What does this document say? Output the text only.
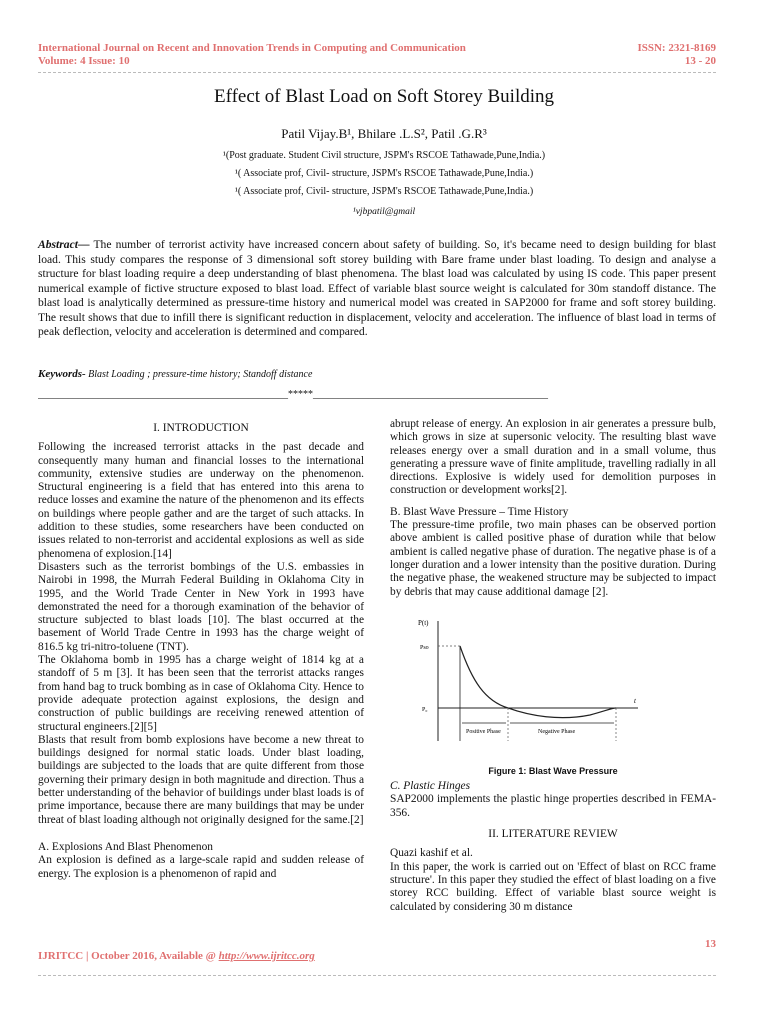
International Journal on Recent and Innovation Trends in Computing and Communication
Volume: 4 Issue: 10
ISSN: 2321-8169
13 - 20
Effect of Blast Load on Soft Storey Building
Patil Vijay.B¹, Bhilare .L.S², Patil .G.R³
¹(Post graduate. Student Civil structure, JSPM's RSCOE Tathawade,Pune,India.)
¹( Associate prof, Civil- structure, JSPM's RSCOE Tathawade,Pune,India.)
¹( Associate prof, Civil- structure, JSPM's RSCOE Tathawade,Pune,India.)
¹vjbpatil@gmail
Abstract— The number of terrorist activity have increased concern about safety of building. So, it's became need to design building for blast load. This study compares the response of 3 dimensional soft storey building with Bare frame under blast loading. To design and analyse a structure for blast loading require a deep understanding of blast phenomena. The blast load was calculated by using IS code. This paper present numerical example of fictive structure exposed to blast load. Effect of variable blast source weight is calculated for 30m standoff distance. The blast load is analytically determined as pressure-time history and numerical model was created in SAP2000 for frame and soft storey building. The result shows that due to infill there is significant reduction in displacement, velocity and acceleration. The influence of blast load in terms of peak deflection, velocity and acceleration is determined and compared.
Keywords- Blast Loading ; pressure-time history; Standoff distance
__________________________________________________*****_______________________________________________

I. INTRODUCTION

Following the increased terrorist attacks in the past decade and consequently many human and financial losses to the international community, extensive studies are underway on the phenomenon. Structural engineering is a field that has entered into this arena to reduce losses and examine the nature of the phenomenon and its effects on buildings where people gather and are the target of such attacks. In addition to these studies, some researchers have been conducted on issues related to non-terrorist and accidental explosions as well as side phenomena of explosion.[14]

Disasters such as the terrorist bombings of the U.S. embassies in Nairobi in 1998, the Murrah Federal Building in Oklahoma City in 1995, and the World Trade Center in New York in 1993 have demonstrated the need for a thorough examination of the behavior of structure subjected to blast loads [10]. The blast occurred at the basement of World Trade Centre in 1993 has the charge weight of 816.5 kg tri-nitro-toluene (TNT).

The Oklahoma bomb in 1995 has a charge weight of 1814 kg at a standoff of 5 m [3]. It has been seen that the terrorist attacks ranges from hand bag to truck bombing as in case of Oklahoma City. Hence to provide adequate protection against explosions, the design and construction of public buildings are receiving renewed attention of structural engineers.[2][5]

Blasts that result from bomb explosions have become a new threat to buildings designed for normal static loads. Under blast loading, buildings are subjected to the loads that are quite different from those governing their primary design in both magnitude and direction. Thus a better understanding of the behavior of buildings under blast loads is of prime importance, because there are many buildings that may be under threat of blast loading although not originally designed for the same.[2]

A. Explosions And Blast Phenomenon

An explosion is defined as a large-scale rapid and sudden release of energy. The explosion is a phenomenon of rapid and

abrupt release of energy. An explosion in air generates a pressure bulb, which grows in size at supersonic velocity. The resulting blast wave releases energy over a small duration and in a small volume, thus generating a pressure wave of finite amplitude, travelling radially in all directions. Explosive is widely used for demolition purposes in construction or development works[2].

B. Blast Wave Pressure – Time History

The pressure-time profile, two main phases can be observed portion above ambient is called positive phase of duration while that below ambient is called negative phase of duration. The negative phase is of a longer duration and a lower intensity than the positive duration. During the negative phase, the weakened structure may be subjected to impact by debris that may cause additional damage [2].

P(t)
Pso
P₀
t
Positive Phase	Negative Phase
Figure 1: Blast Wave Pressure

C. Plastic Hinges

SAP2000 implements the plastic hinge properties described in FEMA-356.

II. LITERATURE REVIEW

Quazi kashif et al.

In this paper, the work is carried out on 'Effect of blast on RCC frame structure'. In this paper they studied the effect of blast loading on a five storey RCC building. Effect of variable blast source weight is calculated by considering 30 m distance

13
IJRITCC | October 2016, Available @ http://www.ijritcc.org
